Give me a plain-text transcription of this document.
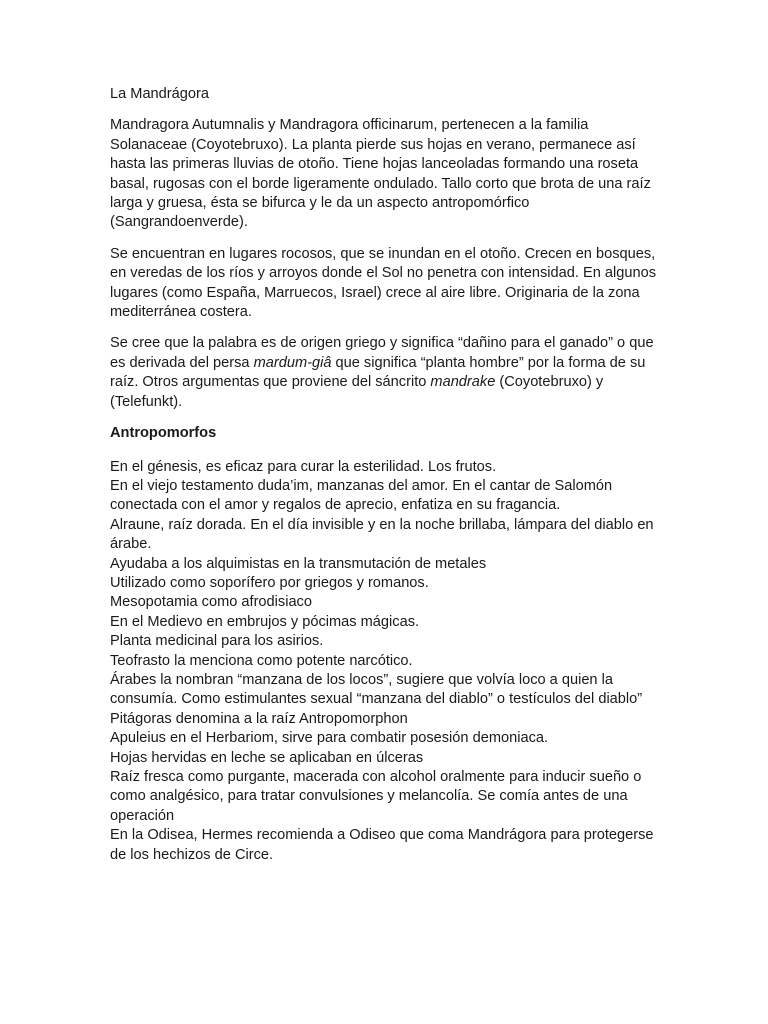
La Mandrágora

Mandragora Autumnalis y Mandragora officinarum, pertenecen a la familia Solanaceae (Coyotebruxo). La planta pierde sus hojas en verano, permanece así hasta las primeras lluvias de otoño. Tiene hojas lanceoladas formando una roseta basal, rugosas con el borde ligeramente ondulado. Tallo corto que brota de una raíz larga y gruesa, ésta se bifurca y le da un aspecto antropomórfico (Sangrandoenverde).

Se encuentran en lugares rocosos, que se inundan en el otoño. Crecen en bosques, en veredas de los ríos y arroyos donde el Sol no penetra con intensidad. En algunos lugares (como España, Marruecos, Israel) crece al aire libre. Originaria de la zona mediterránea costera.

Se cree que la palabra es de origen griego y significa “dañino para el ganado” o que es derivada del persa mardum-giâ que significa “planta hombre” por la forma de su raíz. Otros argumentas que proviene del sáncrito mandrake (Coyotebruxo) y (Telefunkt).

Antropomorfos

En el génesis, es eficaz para curar la esterilidad. Los frutos.
En el viejo testamento duda’im, manzanas del amor. En el cantar de Salomón conectada con el amor y regalos de aprecio, enfatiza en su fragancia.
Alraune, raíz dorada. En el día invisible y en la noche brillaba, lámpara del diablo en árabe.
Ayudaba a los alquimistas en la transmutación de metales
Utilizado como soporífero por griegos y romanos.
Mesopotamia como afrodisiaco
En el Medievo en embrujos y pócimas mágicas.
Planta medicinal para los asirios.
Teofrasto la menciona como potente narcótico.
Árabes la nombran “manzana de los locos”, sugiere que volvía loco a quien la consumía. Como estimulantes sexual “manzana del diablo” o testículos del diablo”
Pitágoras denomina a la raíz Antropomorphon
Apuleius en el Herbariom, sirve para combatir posesión demoniaca.
Hojas hervidas en leche se aplicaban en úlceras
Raíz fresca como purgante, macerada con alcohol oralmente para inducir sueño o como analgésico, para tratar convulsiones y melancolía. Se comía antes de una operación
En la Odisea, Hermes recomienda a Odiseo que coma Mandrágora para protegerse de los hechizos de Circe.
